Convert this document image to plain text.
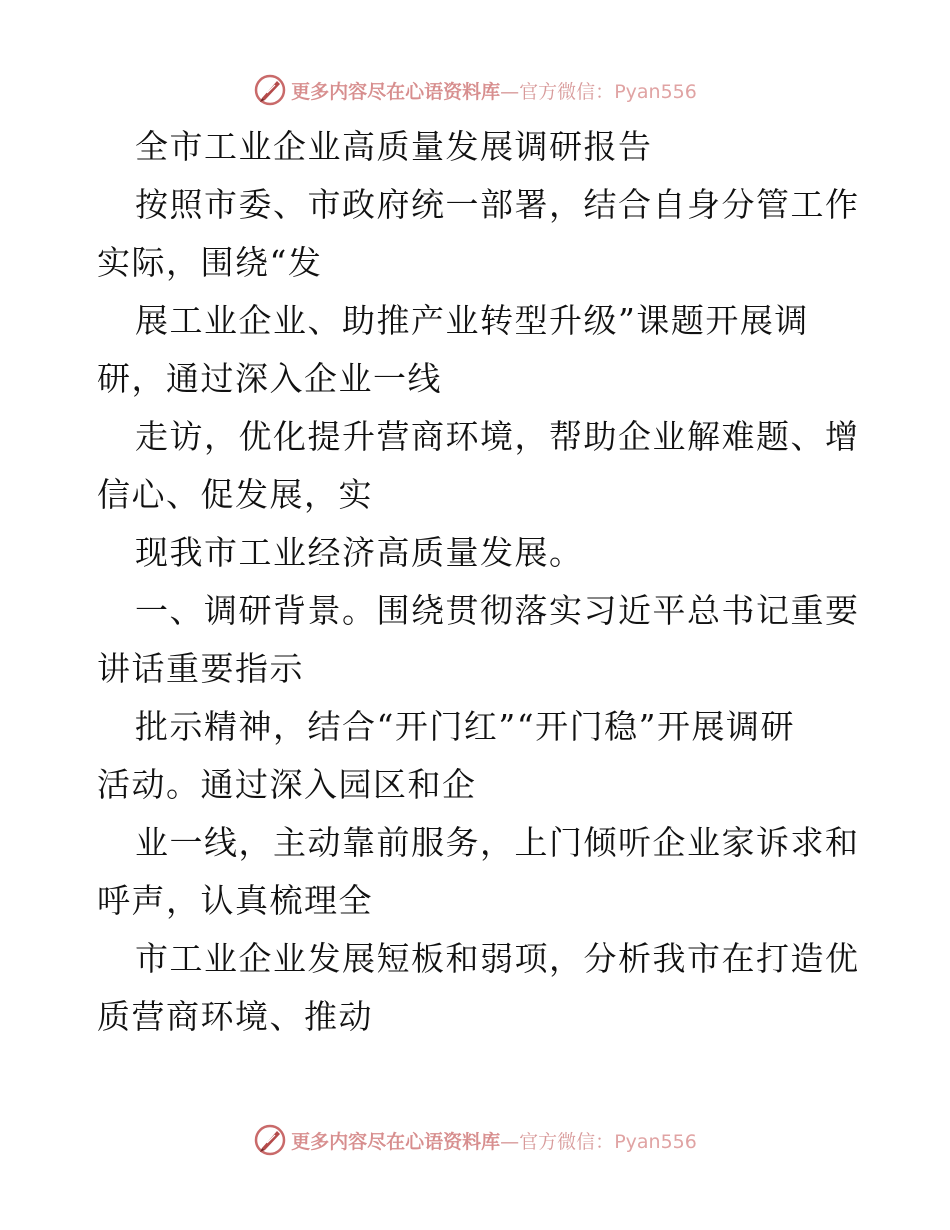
更多内容尽在心语资料库—官方微信：Pyan556
全市工业企业高质量发展调研报告
按照市委、市政府统一部署，结合自身分管工作
实际，围绕“发
展工业企业、助推产业转型升级”课题开展调
研，通过深入企业一线
走访，优化提升营商环境，帮助企业解难题、增
信心、促发展，实
现我市工业经济高质量发展。
一、调研背景。围绕贯彻落实习近平总书记重要
讲话重要指示
批示精神，结合“开门红”“开门稳”开展调研
活动。通过深入园区和企
业一线，主动靠前服务，上门倾听企业家诉求和
呼声，认真梳理全
市工业企业发展短板和弱项，分析我市在打造优
质营商环境、推动
更多内容尽在心语资料库—官方微信：Pyan556
